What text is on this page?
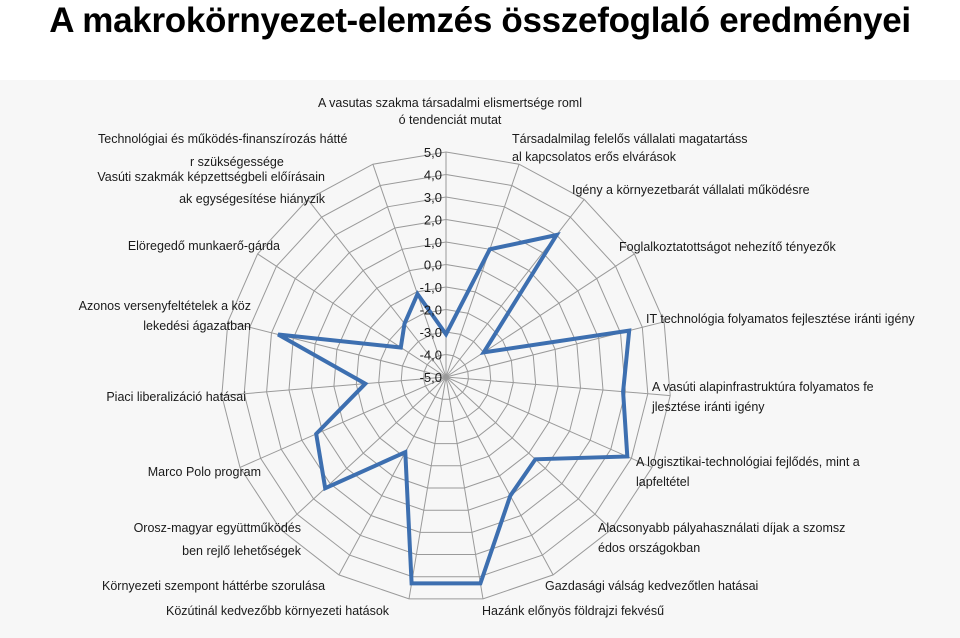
A makrokörnyezet-elemzés összefoglaló eredményei
-5,0
-4,0
-3,0
-2,0
-1,0
0,0
1,0
2,0
3,0
4,0
5,0
A vasutas szakma társadalmi elismertsége roml ó tendenciát mutat
Társadalmilag felelős vállalati magatartáss al kapcsolatos erős elvárások
Igény a környezetbarát vállalati működésre
Foglalkoztatottságot nehezítő tényezők
IT technológia folyamatos fejlesztése iránti igény
A vasúti alapinfrastruktúra folyamatos fe jlesztése iránti igény
A logisztikai-technológiai fejlődés, mint a lapfeltétel
Alacsonyabb pályahasználati díjak a szomsz édos országokban
Gazdasági válság kedvezőtlen hatásai
Hazánk előnyös földrajzi fekvésű
Közútinál kedvezőbb környezeti hatások
Környezeti szempont háttérbe szorulása
Orosz-magyar együttműködés ben rejlő lehetőségek
Marco Polo program
Piaci liberalizáció hatásai
Azonos versenyfeltételek a köz lekedési ágazatban
Elöregedő munkaerő-gárda
Vasúti szakmák képzettségbeli előírásain ak egységesítése hiányzik
Technológiai és működés-finanszírozás hátté r szükségessége
